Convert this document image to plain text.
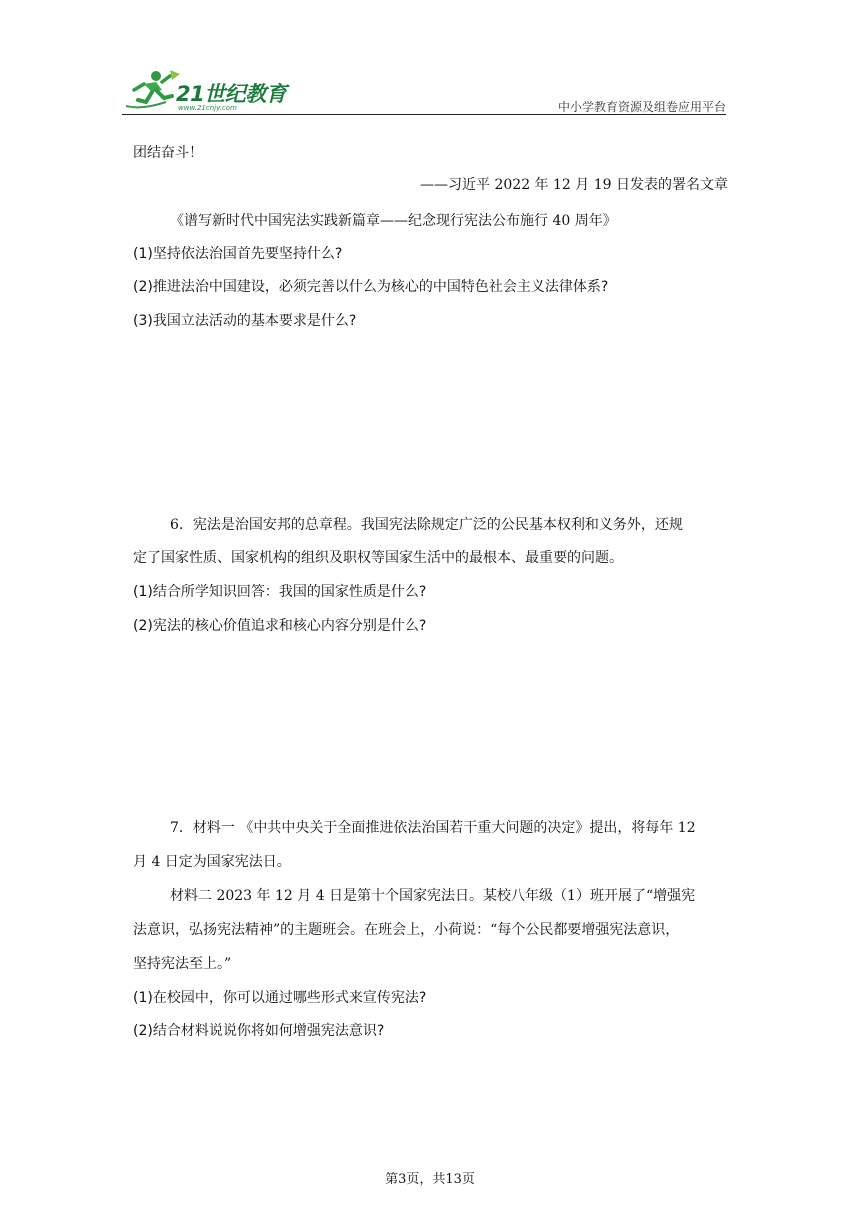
21世纪教育
www.21cnjy.com	中小学教育资源及组卷应用平台
团结奋斗！
——习近平 2022 年 12 月 19 日发表的署名文章
《谱写新时代中国宪法实践新篇章——纪念现行宪法公布施行 40 周年》
(1)坚持依法治国首先要坚持什么?
(2)推进法治中国建设，必须完善以什么为核心的中国特色社会主义法律体系?
(3)我国立法活动的基本要求是什么?
6．宪法是治国安邦的总章程。我国宪法除规定广泛的公民基本权利和义务外，还规
定了国家性质、国家机构的组织及职权等国家生活中的最根本、最重要的问题。
(1)结合所学知识回答：我国的国家性质是什么?
(2)宪法的核心价值追求和核心内容分别是什么?
7．材料一 《中共中央关于全面推进依法治国若干重大问题的决定》提出，将每年 12
月 4 日定为国家宪法日。
材料二 2023 年 12 月 4 日是第十个国家宪法日。某校八年级（1）班开展了“增强宪
法意识，弘扬宪法精神”的主题班会。在班会上，小荷说：“每个公民都要增强宪法意识，
坚持宪法至上。”
(1)在校园中，你可以通过哪些形式来宣传宪法?
(2)结合材料说说你将如何增强宪法意识?
第3页，共13页
